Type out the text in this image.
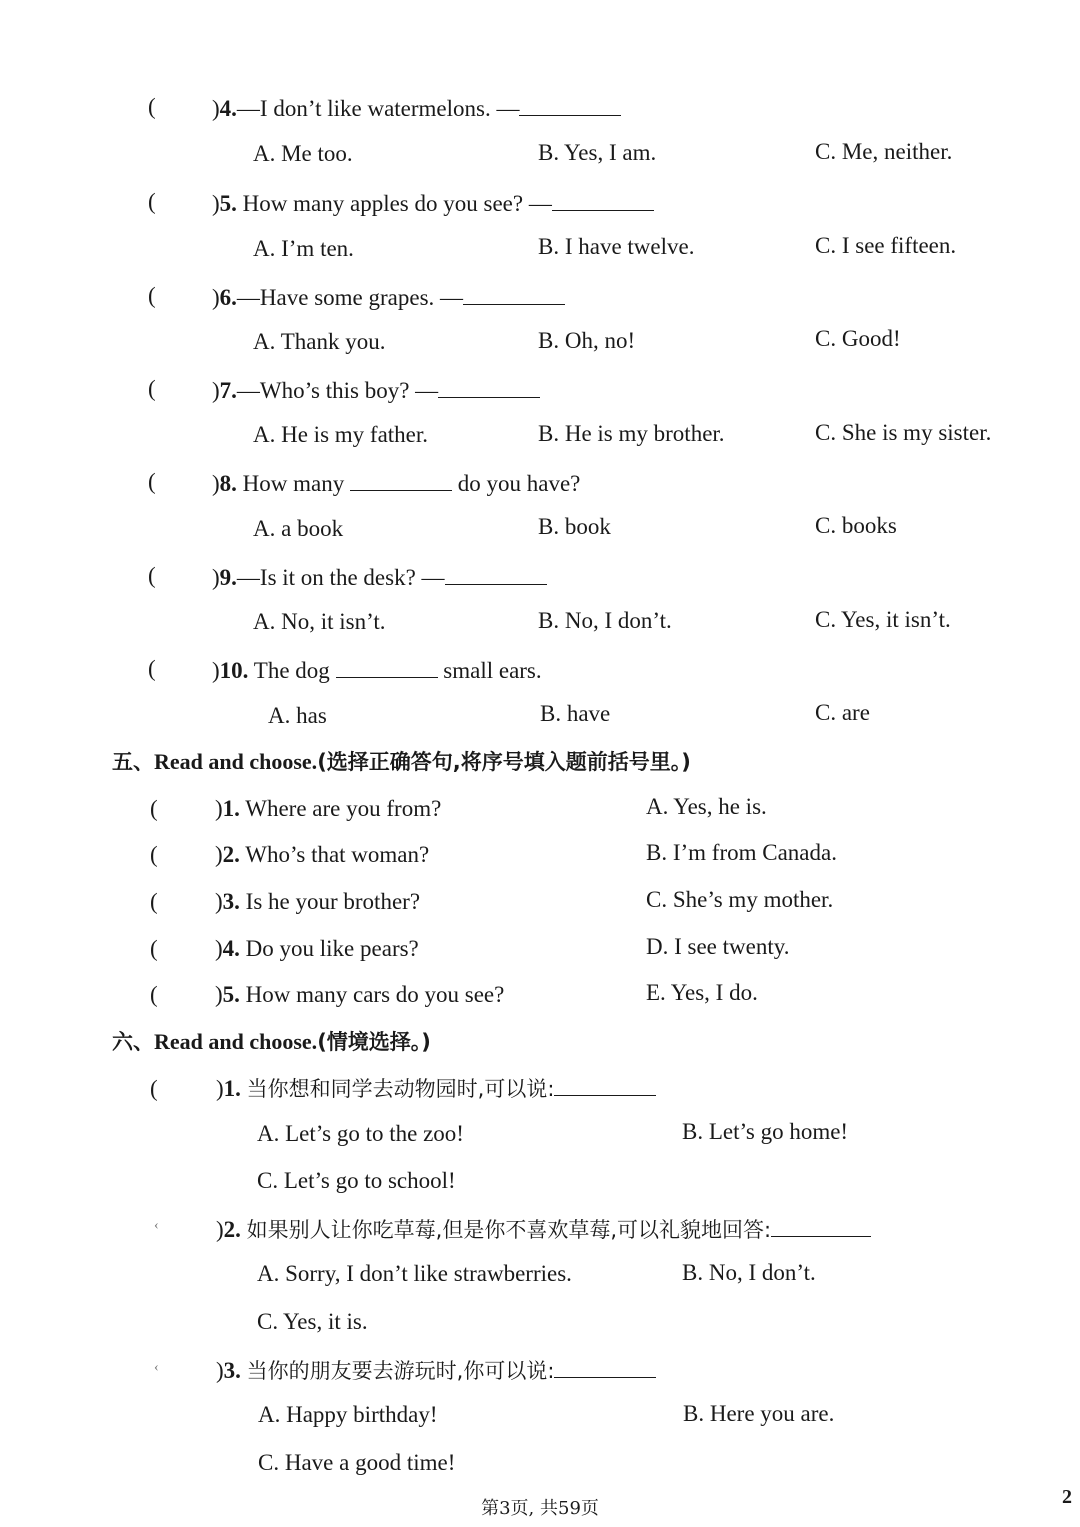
( )4.—I don’t like watermelons. —
A. Me too.	B. Yes, I am.	C. Me, neither.
( )5. How many apples do you see? —
A. I’m ten.	B. I have twelve.	C. I see fifteen.
( )6.—Have some grapes. —
A. Thank you.	B. Oh, no!	C. Good!
( )7.—Who’s this boy? —
A. He is my father.	B. He is my brother.	C. She is my sister.
( )8. How many	do you have?
A. a book	B. book	C. books
( )9.—Is it on the desk? —
A. No, it isn’t.	B. No, I don’t.	C. Yes, it isn’t.
( )10. The dog	small ears.
A. has	B. have	C. are
五、Read and choose.(选择正确答句,将序号填入题前括号里。)
( )1. Where are you from?	A. Yes, he is.
( )2. Who’s that woman?	B. I’m from Canada.
( )3. Is he your brother?	C. She’s my mother.
( )4. Do you like pears?	D. I see twenty.
( )5. How many cars do you see?	E. Yes, I do.
六、Read and choose.(情境选择。)
(	)1. 当你想和同学去动物园时,可以说:
A. Let’s go to the zoo!	B. Let’s go home!
C. Let’s go to school!
‹ )2. 如果别人让你吃草莓,但是你不喜欢草莓,可以礼貌地回答:
A. Sorry, I don’t like strawberries.	B. No, I don’t.
C. Yes, it is.
‹ )3. 当你的朋友要去游玩时,你可以说:
A. Happy birthday!	B. Here you are.
C. Have a good time!
第3页, 共59页
2
